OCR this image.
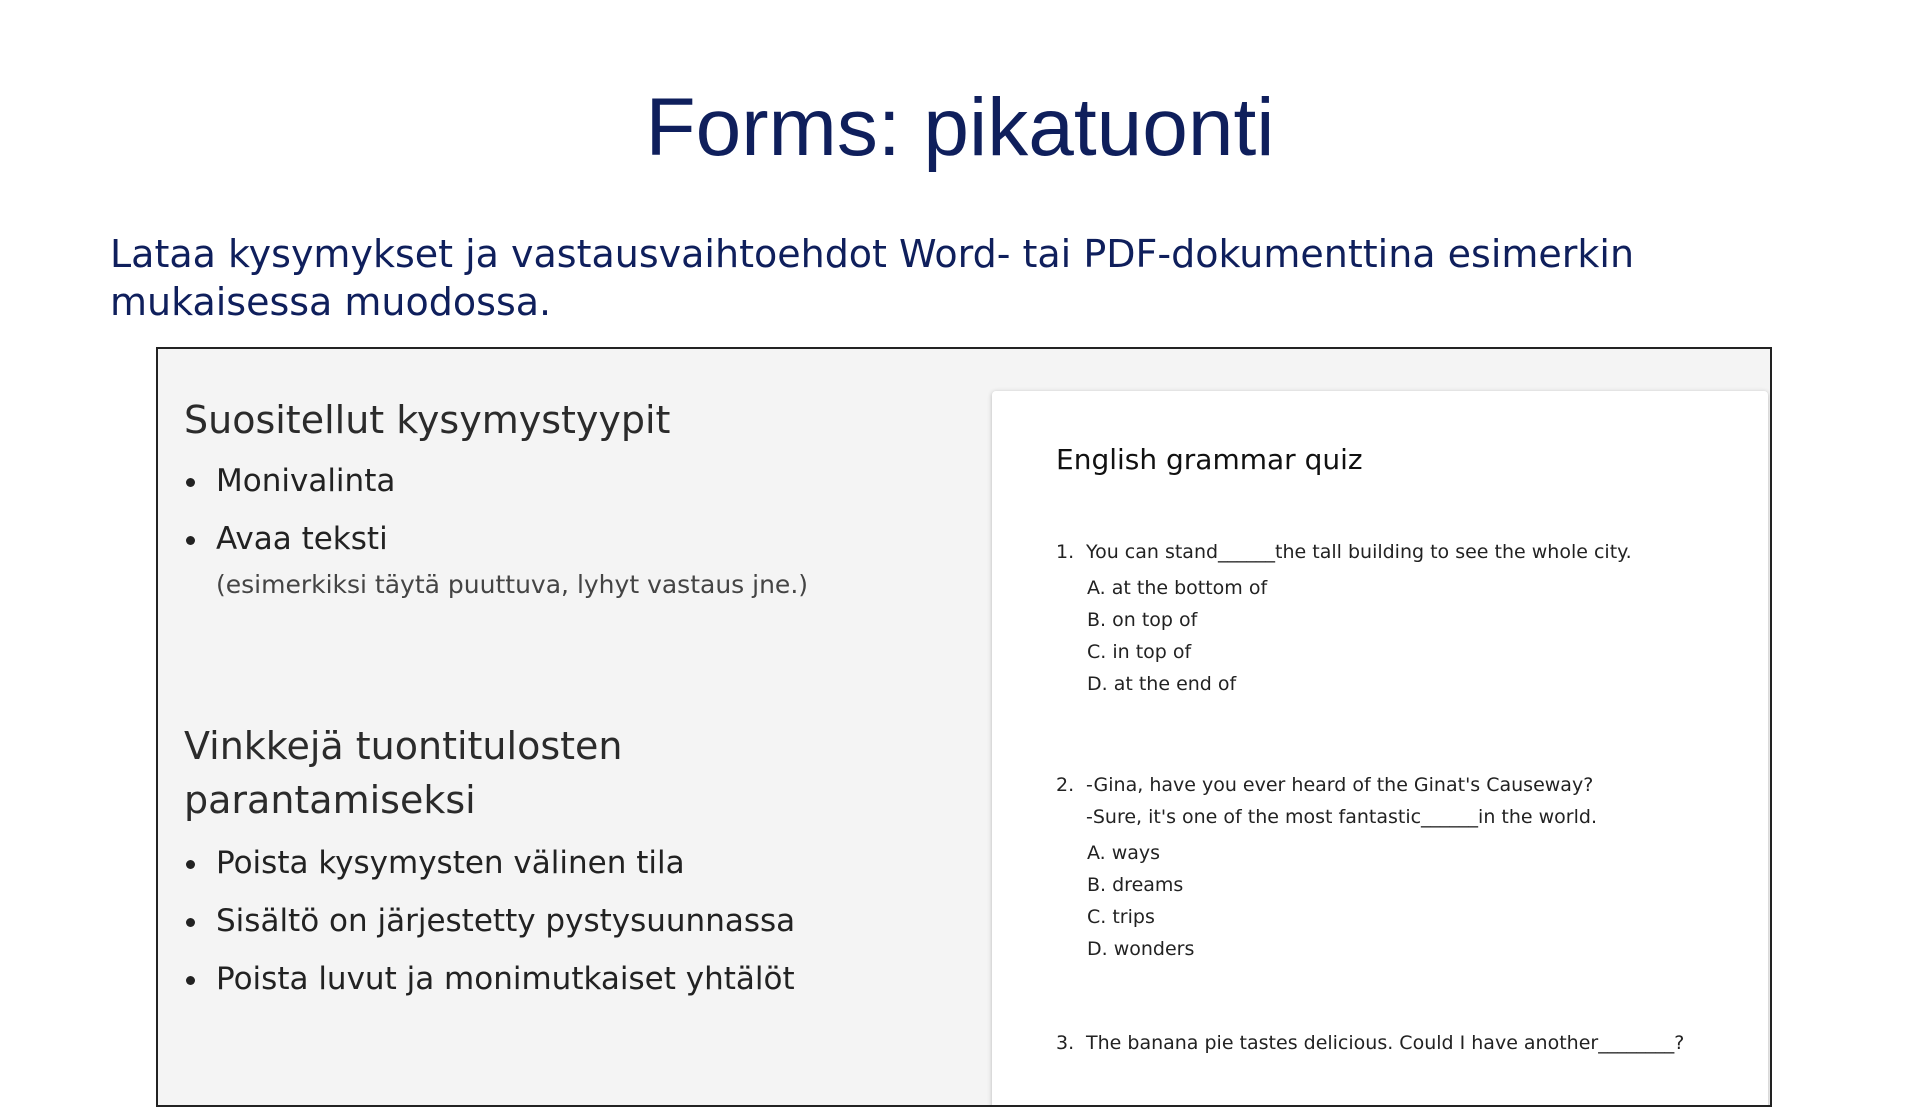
Forms: pikatuonti

Lataa kysymykset ja vastausvaihtoehdot Word- tai PDF-dokumenttina esimerkin mukaisessa muodossa.

Suositellut kysymystyypit
Monivalinta
Avaa teksti
(esimerkiksi täytä puuttuva, lyhyt vastaus jne.)
Vinkkejä tuontitulosten parantamiseksi
Poista kysymysten välinen tila
Sisältö on järjestetty pystysuunnassa
Poista luvut ja monimutkaiset yhtälöt
English grammar quiz
1. You can stand______the tall building to see the whole city.
A. at the bottom of
B. on top of
C. in top of
D. at the end of
2. -Gina, have you ever heard of the Ginat's Causeway?
-Sure, it's one of the most fantastic______in the world.
A. ways
B. dreams
C. trips
D. wonders
3. The banana pie tastes delicious. Could I have another________?
